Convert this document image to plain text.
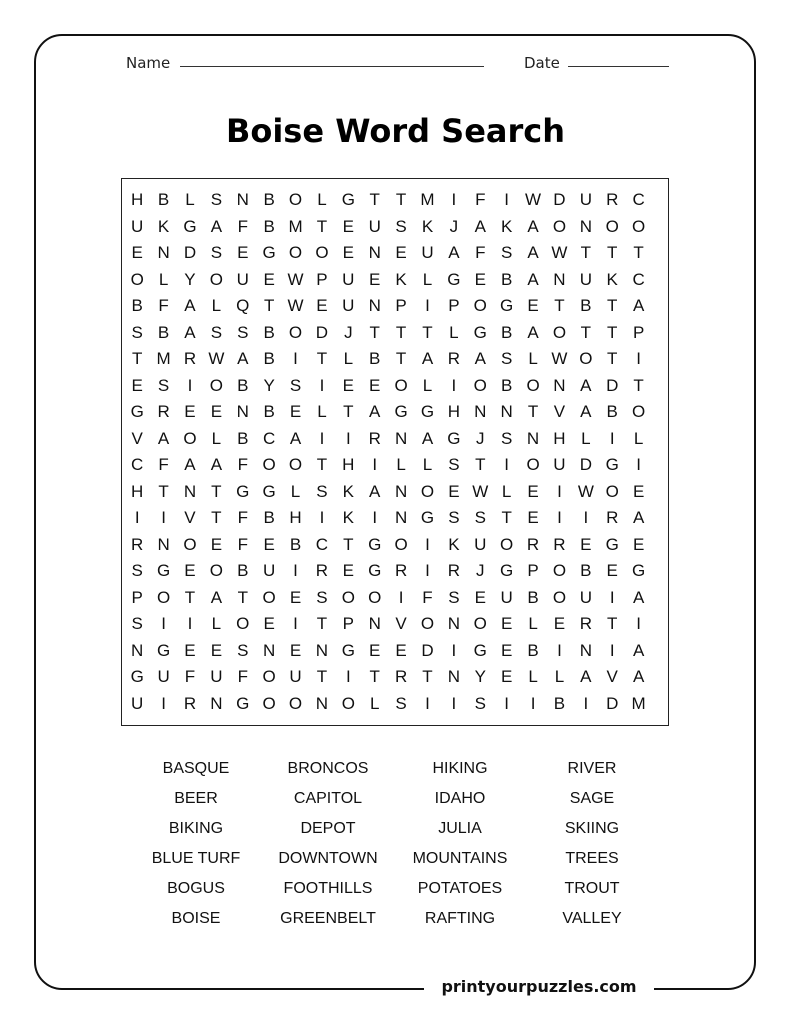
Name	Date
Boise Word Search
H B L S N B O L G T T M I	F	I W D U R C
U K G A F B M T E U S K J A K A O N O O
E N D S E G O O E N E U A F S A W T T T
O L Y O U E W P U E K L G E B A N U K C
B F A L Q T W E U N P	I	P O G E T B T A
S B A S S B O D J T T T L G B A O T T P
T M R W A B	I	T L B T A R A S L W O T	I
E S	I	O B Y S	I	E E O L	I	O B O N A D T
G R E E N B E L T A G G H N N T V A B O
V A O L B C A	I	I	R N A G J S N H L	I	L
C F A A F O O T H	I	L L S T	I	O U D G	I
H T N T G G L S K A N O E W L E	I W O E
I	I	V T F B H	I	K	I	N G S S T E	I	I	R A
R N O E F E B C T G O	I	K U O R R E G E
S G E O B U	I	R E G R	I	R J G P O B E G
P O T A T O E S O O	I	F S E U B O U	I	A
S	I	I	L O E	I	T P N V O N O E L E R T	I
N G E E S N E N G E E D	I	G E B	I	N	I	A
G U F U F O U T	I	T R T N Y E L L A V A
U	I	R N G O O N O L S	I	I	S	I	I	B	I	D M
BASQUE	BRONCOS	HIKING	RIVER
BEER	CAPITOL	IDAHO	SAGE
BIKING	DEPOT	JULIA	SKIING
BLUE TURF	DOWNTOWN	MOUNTAINS	TREES
BOGUS	FOOTHILLS	POTATOES	TROUT
BOISE	GREENBELT	RAFTING	VALLEY
printyourpuzzles.com
